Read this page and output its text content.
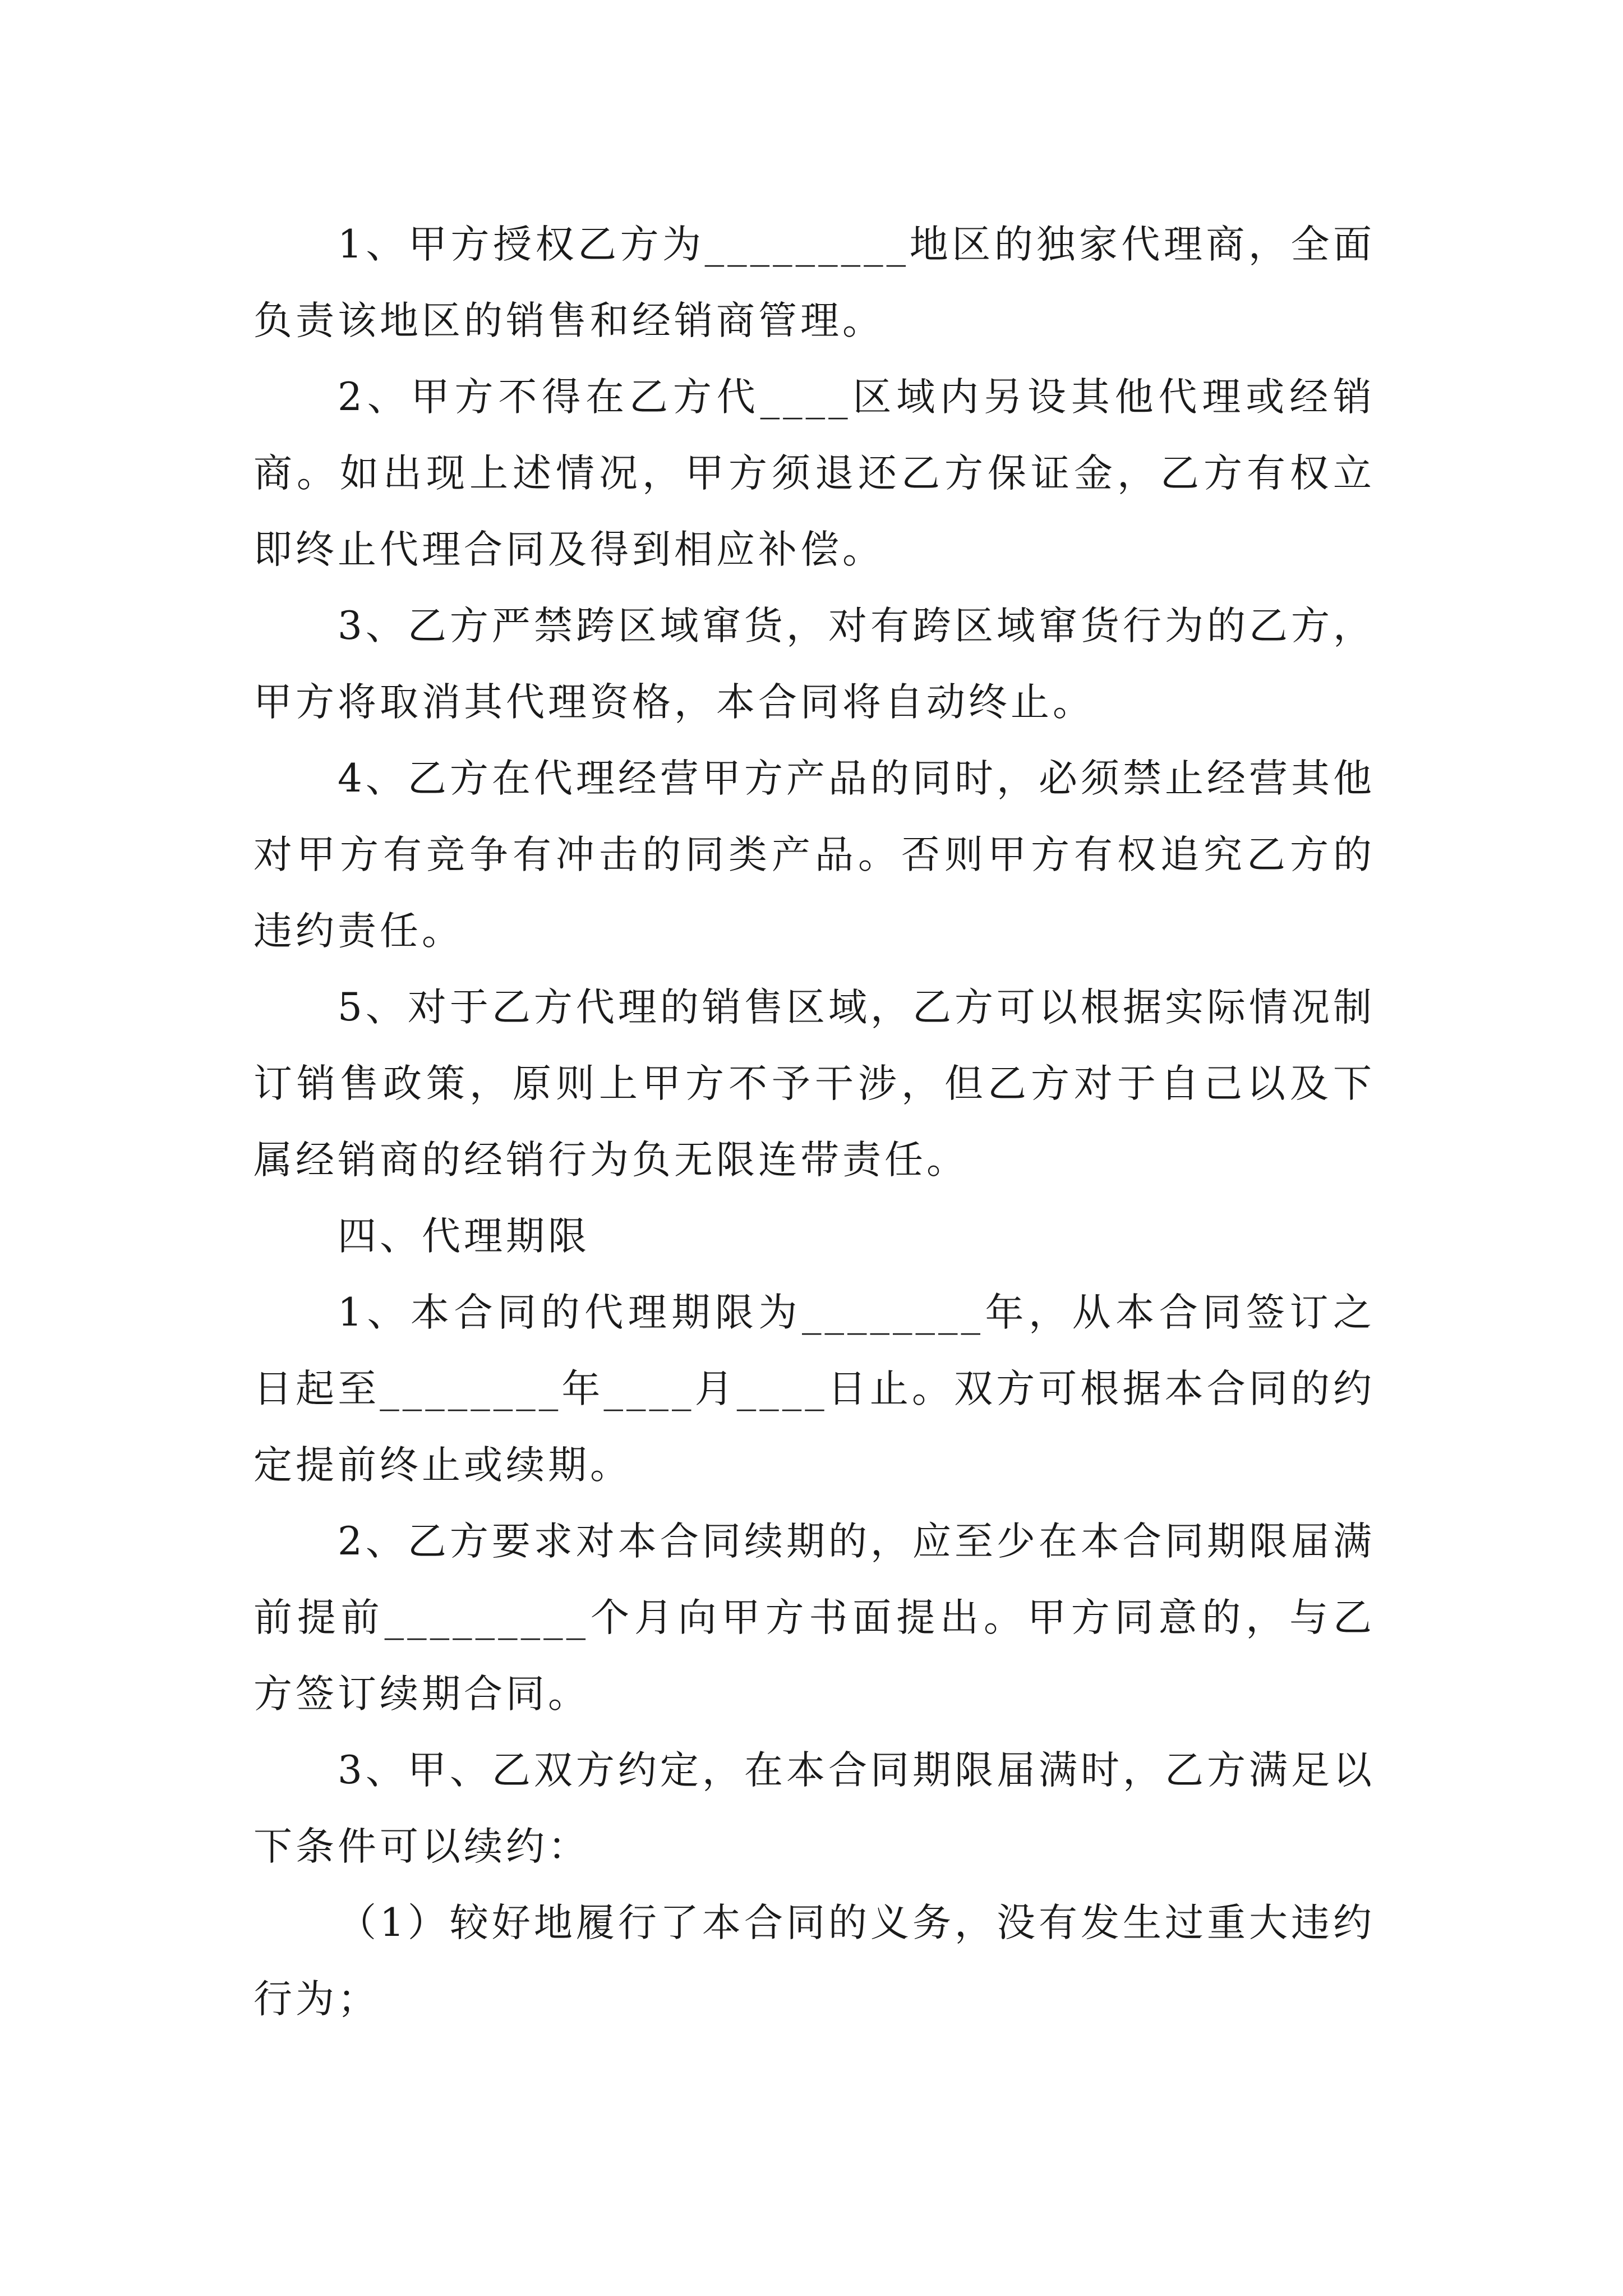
1、甲方授权乙方为_________地区的独家代理商，全面负责该地区的销售和经销商管理。

2、甲方不得在乙方代____区域内另设其他代理或经销商。如出现上述情况，甲方须退还乙方保证金，乙方有权立即终止代理合同及得到相应补偿。

3、乙方严禁跨区域窜货，对有跨区域窜货行为的乙方，甲方将取消其代理资格，本合同将自动终止。

4、乙方在代理经营甲方产品的同时，必须禁止经营其他对甲方有竞争有冲击的同类产品。否则甲方有权追究乙方的违约责任。

5、对于乙方代理的销售区域，乙方可以根据实际情况制订销售政策，原则上甲方不予干涉，但乙方对于自己以及下属经销商的经销行为负无限连带责任。

四、代理期限

1、本合同的代理期限为________年，从本合同签订之日起至________年____月____日止。双方可根据本合同的约定提前终止或续期。

2、乙方要求对本合同续期的，应至少在本合同期限届满前提前_________个月向甲方书面提出。甲方同意的，与乙方签订续期合同。

3、甲、乙双方约定，在本合同期限届满时，乙方满足以下条件可以续约：

（1）较好地履行了本合同的义务，没有发生过重大违约行为；
